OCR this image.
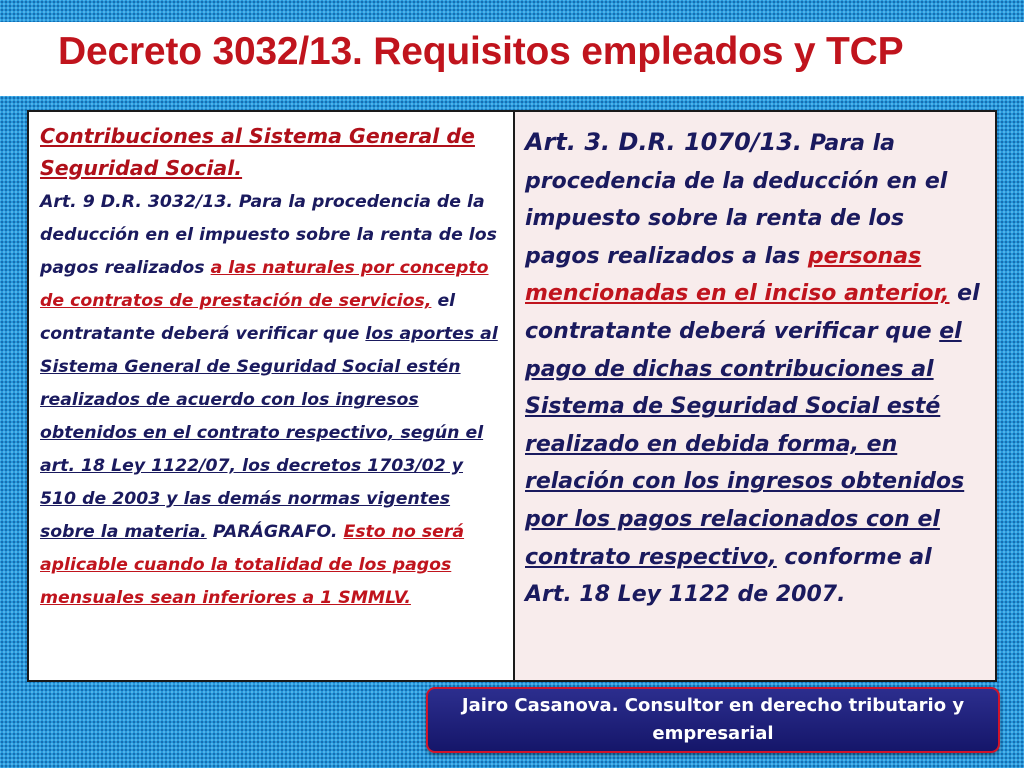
Decreto 3032/13. Requisitos empleados y TCP
Contribuciones al Sistema General de Seguridad Social.
Art. 9 D.R. 3032/13. Para la procedencia de la deducción en el impuesto sobre la renta de los pagos realizados a las naturales por concepto de contratos de prestación de servicios, el contratante deberá verificar que los aportes al Sistema General de Seguridad Social estén realizados de acuerdo con los ingresos obtenidos en el contrato respectivo, según el art. 18 Ley 1122/07, los decretos 1703/02 y 510 de 2003 y las demás normas vigentes sobre la materia. PARÁGRAFO. Esto no será aplicable cuando la totalidad de los pagos mensuales sean inferiores a 1 SMMLV.
Art. 3. D.R. 1070/13. Para la procedencia de la deducción en el impuesto sobre la renta de los pagos realizados a las personas mencionadas en el inciso anterior, el contratante deberá verificar que el pago de dichas contribuciones al Sistema de Seguridad Social esté realizado en debida forma, en relación con los ingresos obtenidos por los pagos relacionados con el contrato respectivo, conforme al Art. 18 Ley 1122 de 2007.
Jairo Casanova. Consultor en derecho tributario y empresarial
